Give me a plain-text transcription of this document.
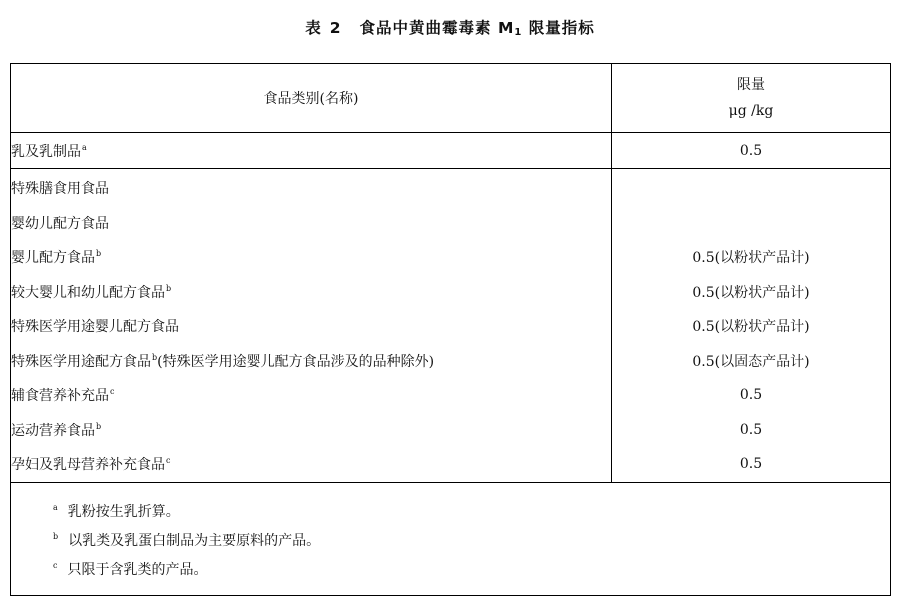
表 2 食品中黄曲霉毒素 $M_1$ 限量指标
食品类别(名称)	限量
μg /kg

乳及乳制品$^a$	0.5
特殊膳食用食品	
婴幼儿配方食品	
婴儿配方食品$^b$	0.5(以粉状产品计)
较大婴儿和幼儿配方食品$^b$	0.5(以粉状产品计)
特殊医学用途婴儿配方食品	0.5(以粉状产品计)
特殊医学用途配方食品$^b$(特殊医学用途婴儿配方食品涉及的品种除外)	0.5(以固态产品计)
辅食营养补充品$^c$	0.5
运动营养食品$^b$	0.5
孕妇及乳母营养补充食品$^c$	0.5

$^a$ 乳粉按生乳折算。
$^b$ 以乳类及乳蛋白制品为主要原料的产品。
$^c$ 只限于含乳类的产品。	
